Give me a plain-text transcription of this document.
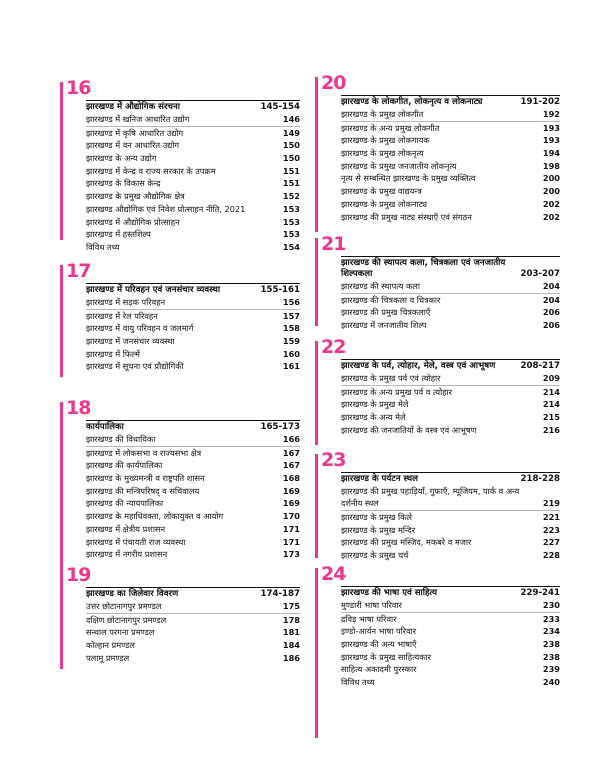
16
झारखण्ड में औद्योगिक संरचना	145-154
झारखण्ड में खनिज आधारित उद्योग	146
झारखण्ड में कृषि आधारित उद्योग	149
झारखण्ड में वन आधारित उद्योग	150
झारखण्ड के अन्य उद्योग	150
झारखण्ड में केन्द्र व राज्य सरकार के उपक्रम	151
झारखण्ड के विकास केन्द्र	151
झारखण्ड के प्रमुख औद्योगिक क्षेत्र	152
झारखण्ड औद्योगिक एवं निवेश प्रोत्साहन नीति, 2021	153
झारखण्ड में औद्योगिक प्रोत्साहन	153
झारखण्ड में हस्तशिल्प	153
विविध तथ्य	154
17
झारखण्ड में परिवहन एवं जनसंचार व्यवस्था	155-161
झारखण्ड में सड़क परिवहन	156
झारखण्ड में रेल परिवहन	157
झारखण्ड में वायु परिवहन व जलमार्ग	158
झारखण्ड में जनसंचार व्यवस्था	159
झारखण्ड में फिल्में	160
झारखण्ड में सूचना एवं प्रौद्योगिकी	161
18
कार्यपालिका	165-173
झारखण्ड की विधायिका	166
झारखण्ड में लोकसभा व राज्यसभा क्षेत्र	167
झारखण्ड की कार्यपालिका	167
झारखण्ड के मुख्यमन्त्री व राष्ट्रपति शासन	168
झारखण्ड की मन्त्रिपरिषद् व सचिवालय	169
झारखण्ड की न्यायपालिका	169
झारखण्ड के महाधिवक्ता, लोकायुक्त व आयोग	170
झारखण्ड में क्षेत्रीय प्रशासन	171
झारखण्ड में पंचायती राज व्यवस्था	171
झारखण्ड में नगरीय प्रशासन	173
19
झारखण्ड का जिलेवार विवरण	174-187
उत्तर छोटानागपुर प्रमण्डल	175
दक्षिण छोटानागपुर प्रमण्डल	178
सन्थाल परगना प्रमण्डल	181
कोल्हान प्रमण्डल	184
पलामू प्रमण्डल	186
20
झारखण्ड के लोकगीत, लोकनृत्य व लोकनाट्य	191-202
झारखण्ड के प्रमुख लोकगीत	192
झारखण्ड के अन्य प्रमुख लोकगीत	193
झारखण्ड के प्रमुख लोकगायक	193
झारखण्ड के प्रमुख लोकनृत्य	194
झारखण्ड के प्रमुख जनजातीय लोकनृत्य	198
नृत्य से सम्बन्धित झारखण्ड के प्रमुख व्यक्तित्व	200
झारखण्ड के प्रमुख वाद्ययन्त्र	200
झारखण्ड के प्रमुख लोकनाट्य	202
झारखण्ड की प्रमुख नाट्य संस्थाएँ एवं संगठन	202
21
झारखण्ड की स्थापत्य कला, चित्रकला एवं जनजातीय शिल्पकला	203-207
झारखण्ड की स्थापत्य कला	204
झारखण्ड की चित्रकला व चित्रकार	204
झारखण्ड की प्रमुख चित्रकलाएँ	206
झारखण्ड में जनजातीय शिल्प	206
22
झारखण्ड के पर्व, त्योहार, मेले, वस्त्र एवं आभूषण	208-217
झारखण्ड के प्रमुख पर्व एवं त्योहार	209
झारखण्ड के अन्य प्रमुख पर्व व त्योहार	214
झारखण्ड के प्रमुख मेले	214
झारखण्ड के अन्य मेले	215
झारखण्ड की जनजातियों के वस्त्र एवं आभूषण	216
23
झारखण्ड के पर्यटन स्थल	218-228
झारखण्ड की प्रमुख पहाड़ियाँ, गुफाएँ, म्यूजियम, पार्क व अन्य दर्शनीय स्थल	219
झारखण्ड के प्रमुख किले	221
झारखण्ड के प्रमुख मन्दिर	223
झारखण्ड की प्रमुख मस्जिद, मकबरे व मजार	227
झारखण्ड के प्रमुख चर्च	228
24
झारखण्ड की भाषा एवं साहित्य	229-241
मुण्डारी भाषा परिवार	230
द्रविड़ भाषा परिवार	233
इण्डो-आर्यन भाषा परिवार	234
झारखण्ड की अन्य भाषाएँ	238
झारखण्ड के प्रमुख साहित्यकार	238
साहित्य अकादमी पुरस्कार	239
विविध तथ्य	240
